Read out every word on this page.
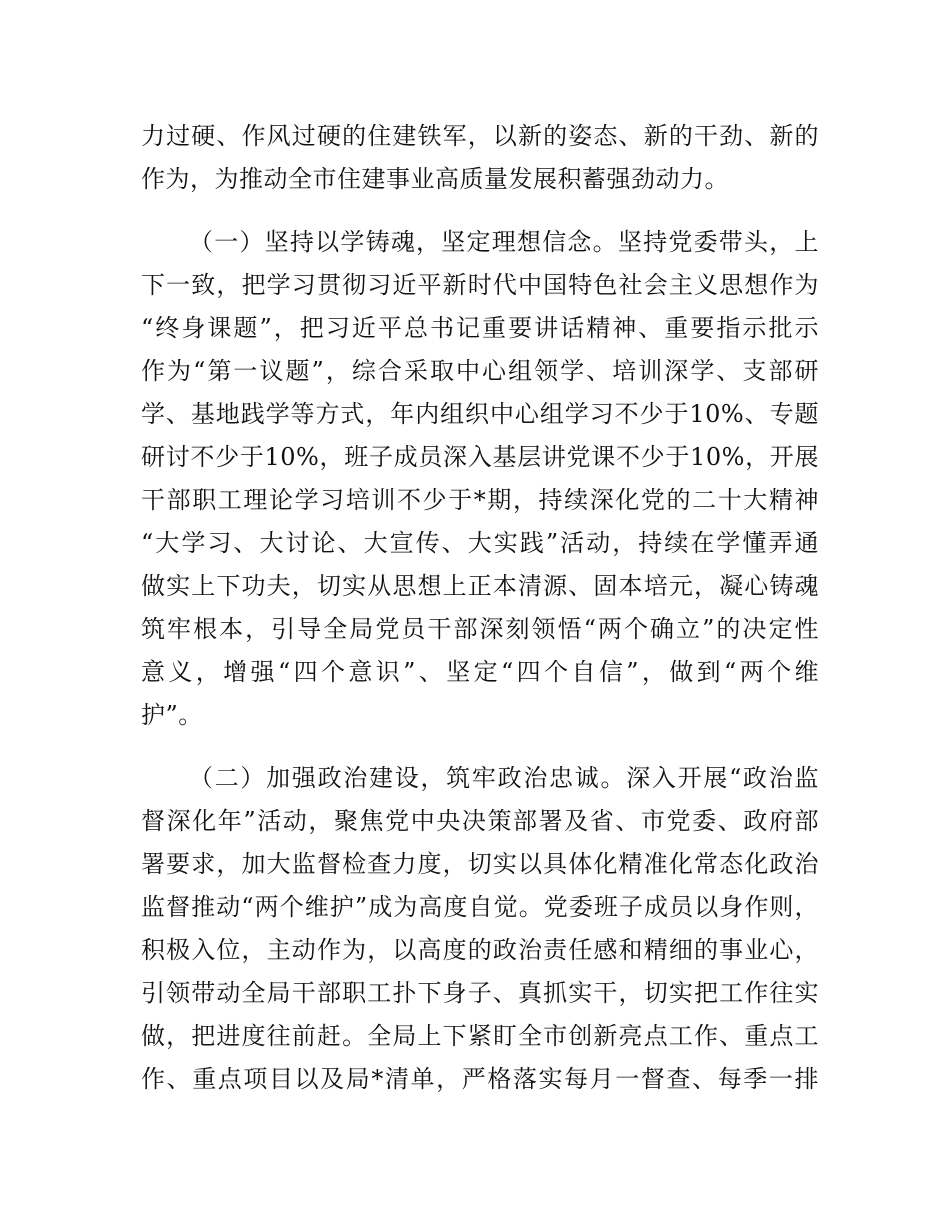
力过硬、作风过硬的住建铁军，以新的姿态、新的干劲、新的
作为，为推动全市住建事业高质量发展积蓄强劲动力。
（一）坚持以学铸魂，坚定理想信念。坚持党委带头，上
下一致，把学习贯彻习近平新时代中国特色社会主义思想作为
“终身课题”，把习近平总书记重要讲话精神、重要指示批示
作为“第一议题”，综合采取中心组领学、培训深学、支部研
学、基地践学等方式，年内组织中心组学习不少于10%、专题
研讨不少于10%，班子成员深入基层讲党课不少于10%，开展
干部职工理论学习培训不少于*期，持续深化党的二十大精神
“大学习、大讨论、大宣传、大实践”活动，持续在学懂弄通
做实上下功夫，切实从思想上正本清源、固本培元，凝心铸魂
筑牢根本，引导全局党员干部深刻领悟“两个确立”的决定性
意义，增强“四个意识”、坚定“四个自信”，做到“两个维
护”。
（二）加强政治建设，筑牢政治忠诚。深入开展“政治监
督深化年”活动，聚焦党中央决策部署及省、市党委、政府部
署要求，加大监督检查力度，切实以具体化精准化常态化政治
监督推动“两个维护”成为高度自觉。党委班子成员以身作则，
积极入位，主动作为，以高度的政治责任感和精细的事业心，
引领带动全局干部职工扑下身子、真抓实干，切实把工作往实
做，把进度往前赶。全局上下紧盯全市创新亮点工作、重点工
作、重点项目以及局*清单，严格落实每月一督查、每季一排
